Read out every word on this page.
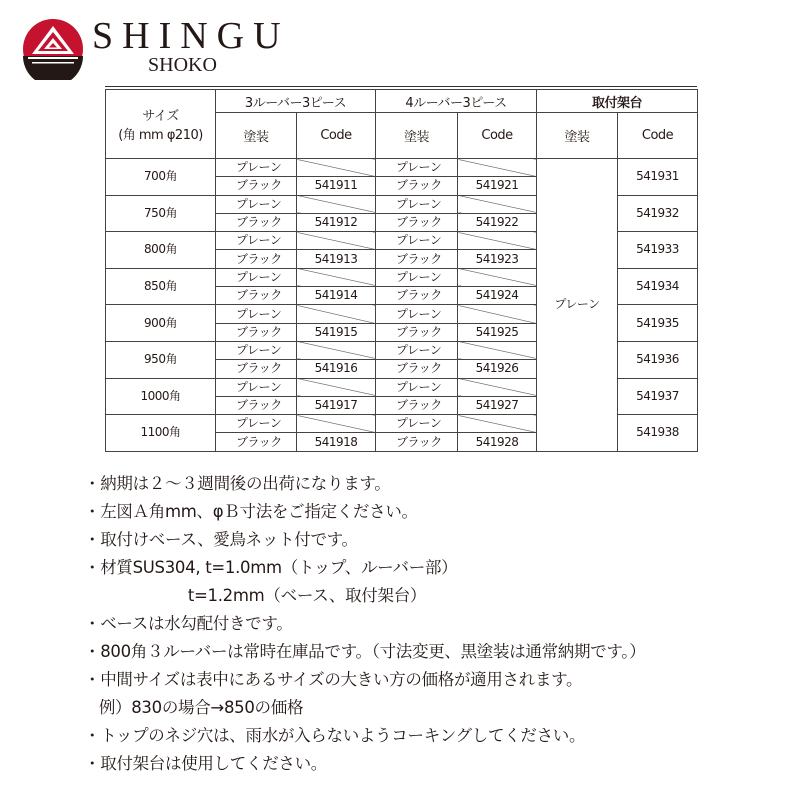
SHINGU
SHOKO
サイズ
(角 mm φ210)	3ルーバー3ピース		4ルーバー3ピース		取付架台	
	塗装	Code	塗装	Code	塗装	Code
700角	プレーン		プレーン		プレーン	541931
	ブラック	541911	ブラック	541921		
750角	プレーン		プレーン			541932
	ブラック	541912	ブラック	541922		
800角	プレーン		プレーン			541933
	ブラック	541913	ブラック	541923		
850角	プレーン		プレーン			541934
	ブラック	541914	ブラック	541924		
900角	プレーン		プレーン			541935
	ブラック	541915	ブラック	541925		
950角	プレーン		プレーン			541936
	ブラック	541916	ブラック	541926		
1000角	プレーン		プレーン			541937
	ブラック	541917	ブラック	541927		
1100角	プレーン		プレーン			541938
	ブラック	541918	ブラック	541928		
・納期は２～３週間後の出荷になります。
・左図Ａ角mm、φＢ寸法をご指定ください。
・取付けベース、愛鳥ネット付です。
・材質SUS304, t=1.0mm（トップ、ルーバー部）
t=1.2mm（ベース、取付架台）
・ベースは水勾配付きです。
・800角３ルーバーは常時在庫品です。（寸法変更、黒塗装は通常納期です。）
・中間サイズは表中にあるサイズの大きい方の価格が適用されます。
例）830の場合→850の価格
・トップのネジ穴は、雨水が入らないようコーキングしてください。
・取付架台は使用してください。
